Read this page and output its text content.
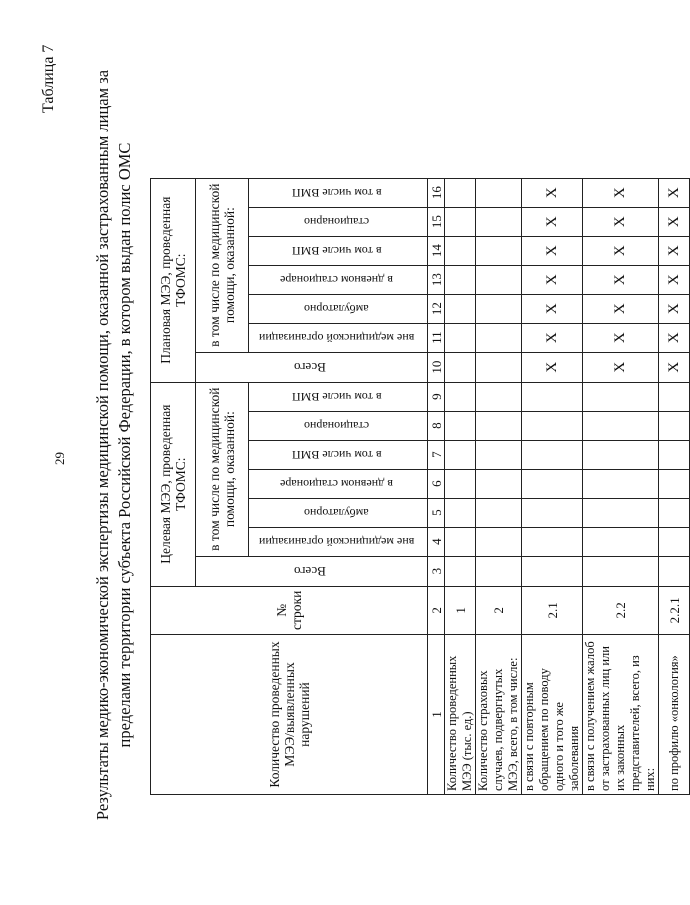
29
Таблица 7 Результаты медико-экономической экспертизы медицинской помощи, оказанной застрахованным лицам за пределами территории субъекта Российской Федерации, в котором выдан полис ОМС	Количество проведенных МЭЭ/выявленных нарушений	№ строки	Целевая МЭЭ, проведенная ТФОМС:							Плановая МЭЭ, проведенная ТФОМС:						
		Всего	в том числе по медицинской помощи, оказанной:						Всего	в том числе по медицинской помощи, оказанной:					
			вне медицинской организации	амбулаторно	в дневном стационаре	в том числе ВМП	стационарно	в том числе ВМП		вне медицинской организации	амбулаторно	в дневном стационаре	в том числе ВМП	стационарно	в том числе ВМП
1	2	3	4	5	6	7	8	9	10	11	12	13	14	15	16
Количество проведенных МЭЭ (тыс. ед.)	1														
Количество страховых случаев, подвергнутых МЭЭ, всего, в том числе:	2														
в связи с повторным обращением по поводу одного и того же заболевания	2.1								X	X	X	X	X	X	X
в связи с получением жалоб от застрахованных лиц или их законных представителей, всего, из них:	2.2								X	X	X	X	X	X	X
по профилю «онкология»	2.2.1								X	X	X	X	X	X	X
